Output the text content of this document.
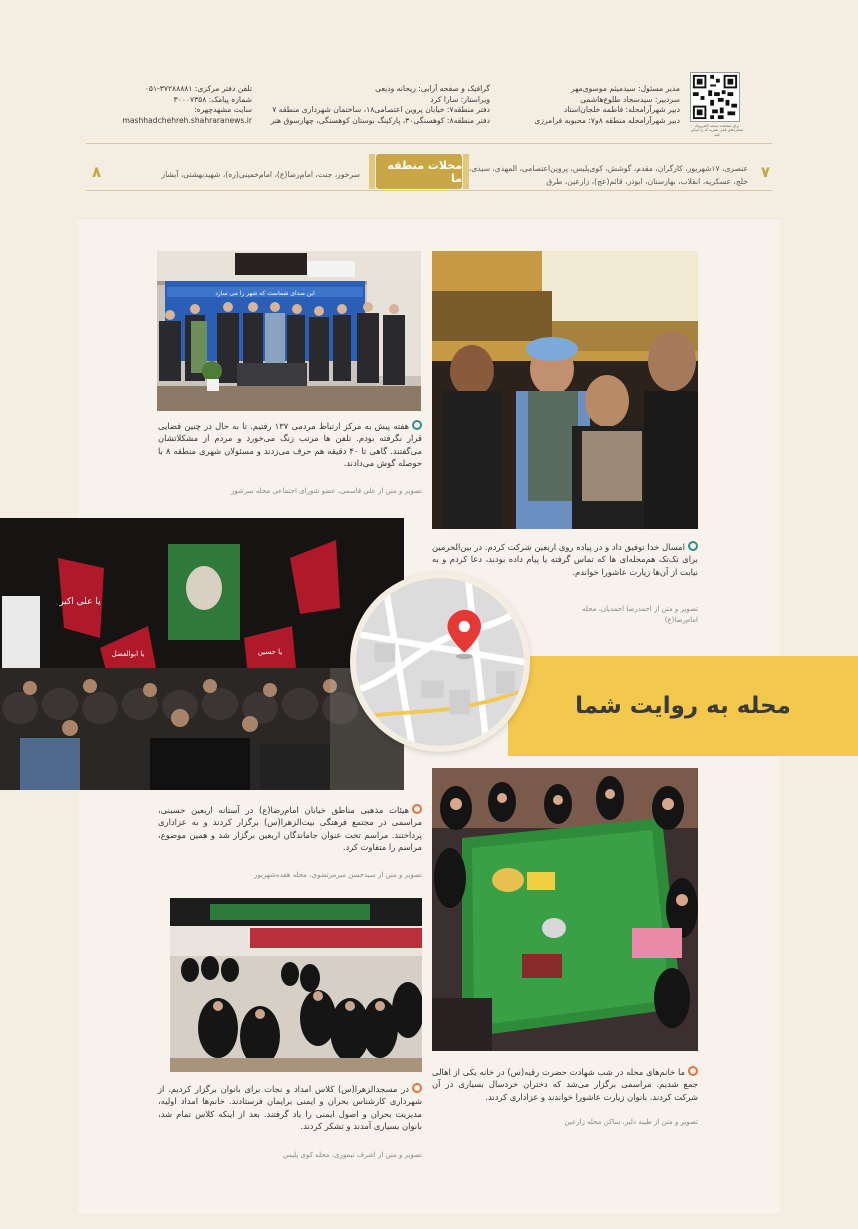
برای مشاهده نسخه الکترونیک شماره‌های قبلی نشریه کد را اسکن کنید
مدیر مسئول: سیدمیثم موسوی‌مهر
سردبیر: سیدسجاد طلوع‌هاشمی
دبیر شهرآرامحله: فاطمه خلجان‌استاد
دبیر شهرآرامحله منطقه ۸و۷: محبوبه فرامرزی
گرافیک و صفحه آرایی: ریحانه ودیعی
ویراستار: سارا کرد
دفتر منطقه۷: خیابان پروین اعتصامی۱۸، ساختمان شهرداری منطقه ۷
دفتر منطقه۸: کوهسنگی۳۰، پارکینگ بوستان کوهسنگی، چهارسوق هنر
تلفن دفتر مرکزی: ۳۷۲۸۸۸۸۱-۰۵۱
شماره پیامک: ۳۰۰۰۷۳۵۸
سایت مشهدچهره:
mashhadchehreh.shahraranews.ir
۷
۸	عنصری، ۱۷شهریور، کارگران، مقدم، گوشش، کوی‌پلیس، پروین‌اعتصامی، المهدی، سیدی،
خلج، عسکریه، انقلاب، بهارستان، ابوذر، قائم(عج)، زارعین، طرق
سرخور، جنت، امام‌رضا(ع)، امام‌خمینی(ره)، شهیدبهشتی، آبشار
محلات منطقه ما
این صدای شماست که شهر را می سازد
هفته پیش به مرکز ارتباط مردمی ۱۳۷ رفتیم. تا به حال در چنین فضایی قرار نگرفته بودم. تلفن ها مرتب زنگ می‌خورد و مردم از مشکلاتشان می‌گفتند. گاهی تا ۴۰ دقیقه هم حرف می‌زدند و مسئولان شهری منطقه ۸ با حوصله گوش می‌دادند.
تصویر و متن از علی قاسمی، عضو شورای اجتماعی محله سرشور
امسال خدا توفیق داد و در پیاده روی اربعین شرکت کردم. در بین‌الحرمین برای تک‌تک هم‌محله‌ای ها که تماس گرفته یا پیام داده بودند، دعا کردم و به نیابت از آن‌ها زیارت عاشورا خواندم.
تصویر و متن از احمدرضا احمدیان، محله امام‌رضا(ع)
یا علی اکبر
یا ابوالفضل	یا حسین
محله به روایت شما
هیئات مذهبی مناطق خیابان امام‌رضا(ع) در آستانه اربعین حسینی، مراسمی در مجتمع فرهنگی بیت‌الزهرا(س) برگزار کردند و به عزاداری پرداختند. مراسم تحت عنوان جاماندگان اربعین برگزار شد و همین موضوع، مراسم را متفاوت کرد.
تصویر و متن از سیدحسن میرمرتضوی، محله هفده‌شهریور
ما خانم‌های محله در شب شهادت حضرت رقیه(س) در خانه یکی از اهالی جمع شدیم. مراسمی برگزار می‌شد که دختران خردسال بسیاری در آن شرکت کردند. بانوان زیارت عاشورا خواندند و عزاداری کردند.
تصویر و متن از طیبه دلیر، ساکن محله زارعین
در مسجدالزهرا(س) کلاس امداد و نجات برای بانوان برگزار کردیم. از شهرداری کارشناس بحران و ایمنی برایمان فرستادند. خانم‌ها امداد اولیه، مدیریت بحران و اصول ایمنی را یاد گرفتند. بعد از اینکه کلاس تمام شد، بانوان بسیاری آمدند و تشکر کردند.
تصویر و متن از اشرف تیموری، محله کوی پلیس
